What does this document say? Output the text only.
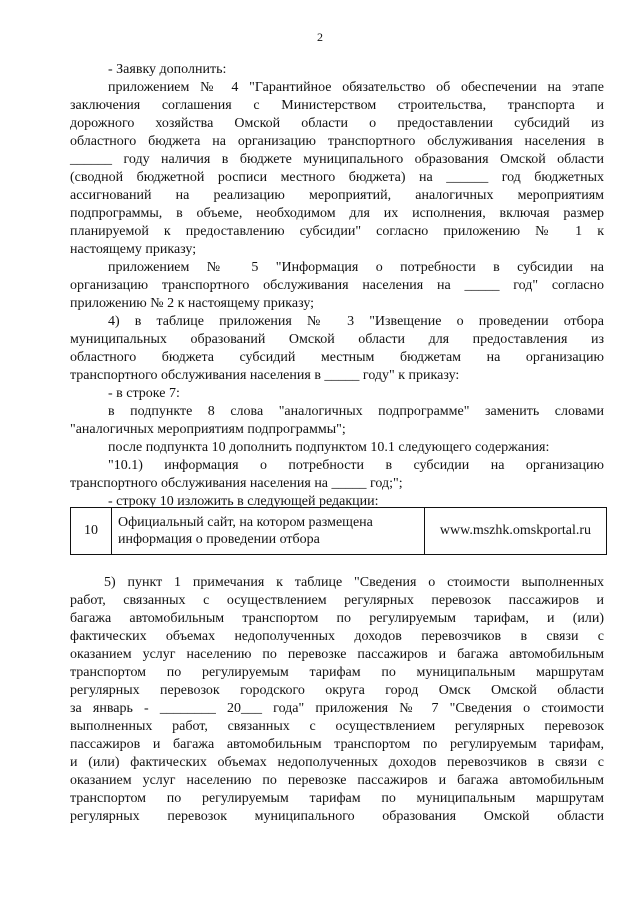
2
- Заявку дополнить:
приложением № 4 "Гарантийное обязательство об обеспечении на этапе
заключения соглашения с Министерством строительства, транспорта и
дорожного хозяйства Омской области о предоставлении субсидий из
областного бюджета на организацию транспортного обслуживания населения в
______ году наличия в бюджете муниципального образования Омской области
(сводной бюджетной росписи местного бюджета) на ______ год бюджетных
ассигнований на реализацию мероприятий, аналогичных мероприятиям
подпрограммы, в объеме, необходимом для их исполнения, включая размер
планируемой к предоставлению субсидии" согласно приложению № 1 к
настоящему приказу;
приложением № 5 "Информация о потребности в субсидии на
организацию транспортного обслуживания населения на _____ год" согласно
приложению № 2 к настоящему приказу;
4) в таблице приложения № 3 "Извещение о проведении отбора
муниципальных образований Омской области для предоставления из
областного бюджета субсидий местным бюджетам на организацию
транспортного обслуживания населения в _____ году" к приказу:
- в строке 7:
в подпункте 8 слова "аналогичных подпрограмме" заменить словами
"аналогичных мероприятиям подпрограммы";
после подпункта 10 дополнить подпунктом 10.1 следующего содержания:
"10.1) информация о потребности в субсидии на организацию
транспортного обслуживания населения на _____ год;";
- строку 10 изложить в следующей редакции:
10	Официальный сайт, на котором размещена информация о проведении отбора	www.mszhk.omskportal.ru
5) пункт 1 примечания к таблице "Сведения о стоимости выполненных
работ, связанных с осуществлением регулярных перевозок пассажиров и
багажа автомобильным транспортом по регулируемым тарифам, и (или)
фактических объемах недополученных доходов перевозчиков в связи с
оказанием услуг населению по перевозке пассажиров и багажа автомобильным
транспортом по регулируемым тарифам по муниципальным маршрутам
регулярных перевозок городского округа город Омск Омской области
за январь - ________ 20___ года" приложения № 7 "Сведения о стоимости
выполненных работ, связанных с осуществлением регулярных перевозок
пассажиров и багажа автомобильным транспортом по регулируемым тарифам,
и (или) фактических объемах недополученных доходов перевозчиков в связи с
оказанием услуг населению по перевозке пассажиров и багажа автомобильным
транспортом по регулируемым тарифам по муниципальным маршрутам
регулярных перевозок муниципального образования Омской области
